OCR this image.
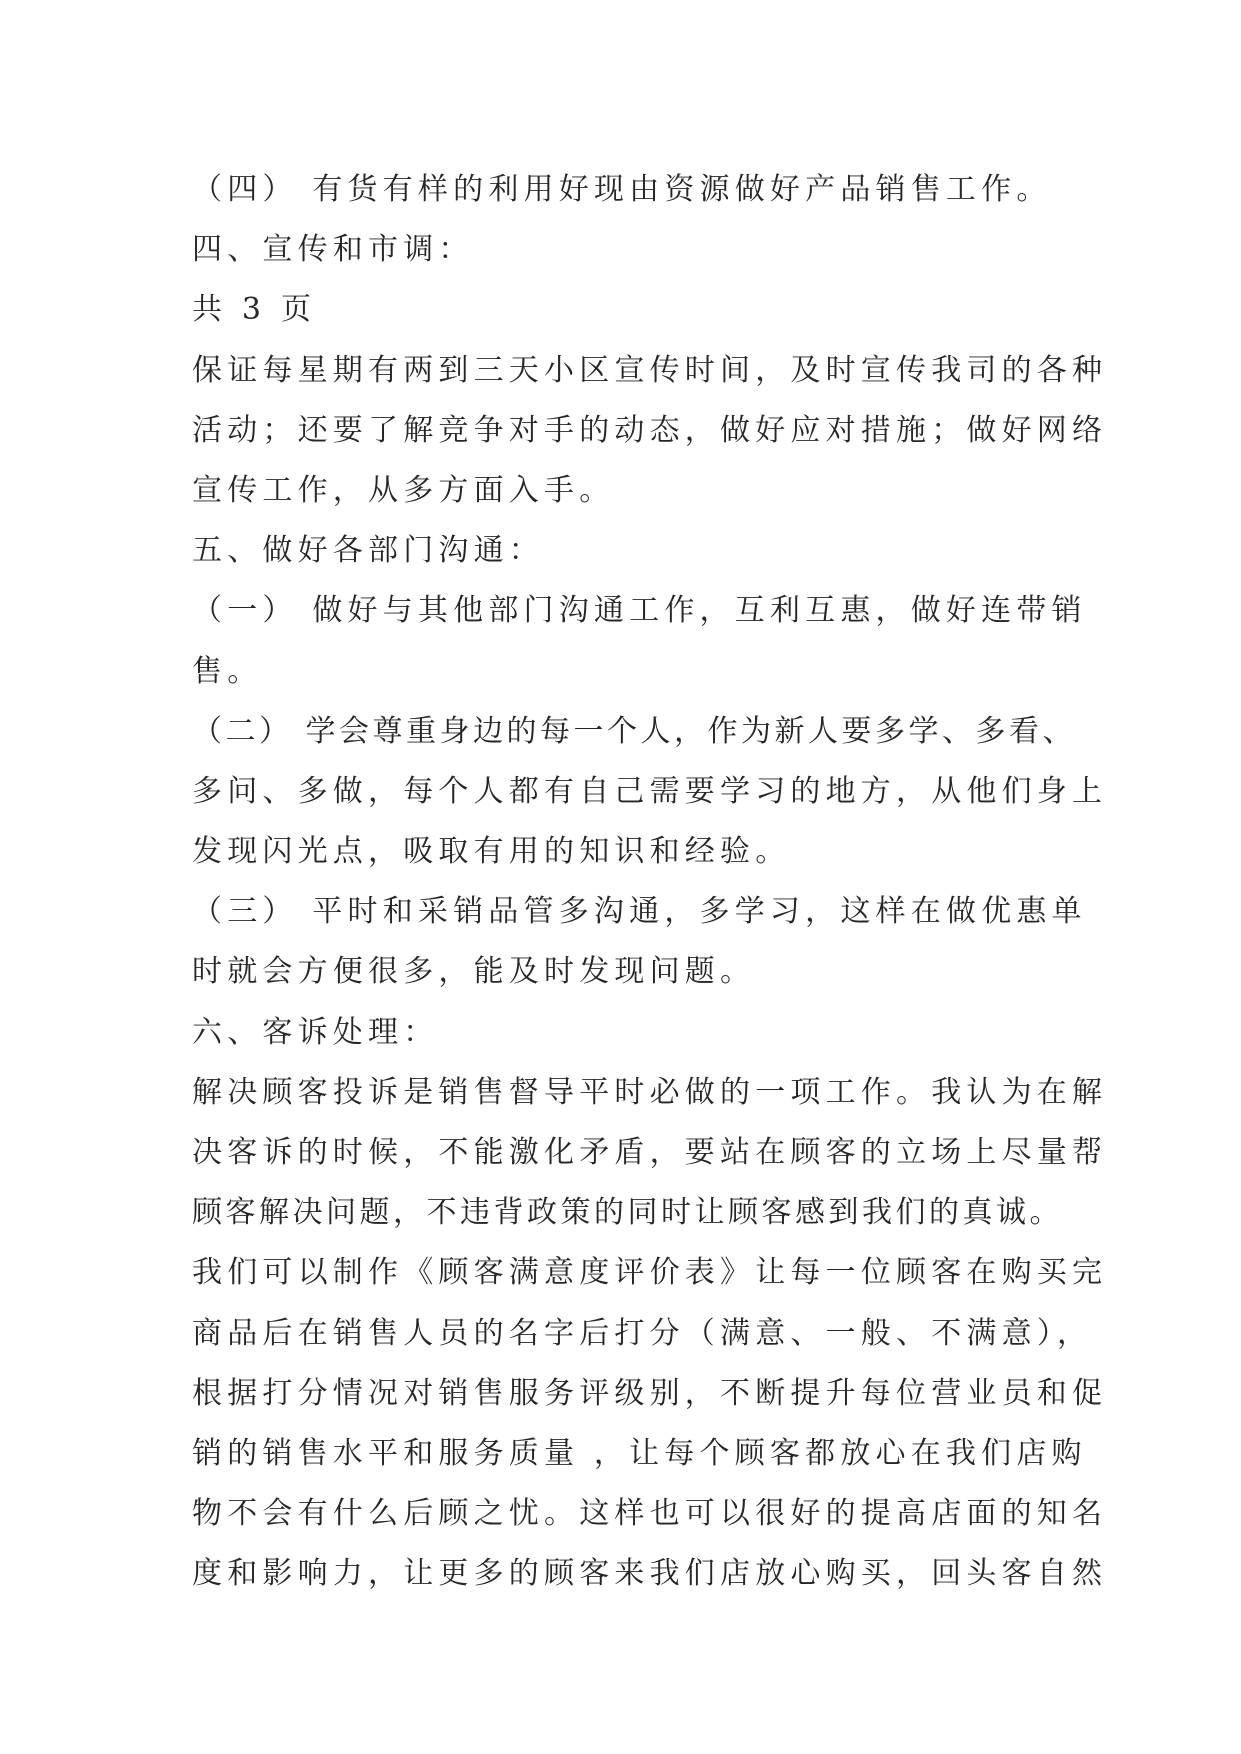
（四） 有货有样的利用好现由资源做好产品销售工作。

四、宣传和市调：

共 3 页

保证每星期有两到三天小区宣传时间，及时宣传我司的各种

活动；还要了解竞争对手的动态，做好应对措施；做好网络

宣传工作，从多方面入手。

五、做好各部门沟通：

（一） 做好与其他部门沟通工作，互利互惠，做好连带销

售。

（二） 学会尊重身边的每一个人，作为新人要多学、多看、

多问、多做，每个人都有自己需要学习的地方，从他们身上

发现闪光点，吸取有用的知识和经验。

（三） 平时和采销品管多沟通，多学习，这样在做优惠单

时就会方便很多，能及时发现问题。

六、客诉处理：

解决顾客投诉是销售督导平时必做的一项工作。我认为在解

决客诉的时候，不能激化矛盾，要站在顾客的立场上尽量帮

顾客解决问题，不违背政策的同时让顾客感到我们的真诚。

我们可以制作《顾客满意度评价表》让每一位顾客在购买完

商品后在销售人员的名字后打分（满意、一般、不满意），

根据打分情况对销售服务评级别，不断提升每位营业员和促

销的销售水平和服务质量 ，让每个顾客都放心在我们店购

物不会有什么后顾之忧。这样也可以很好的提高店面的知名

度和影响力，让更多的顾客来我们店放心购买，回头客自然
